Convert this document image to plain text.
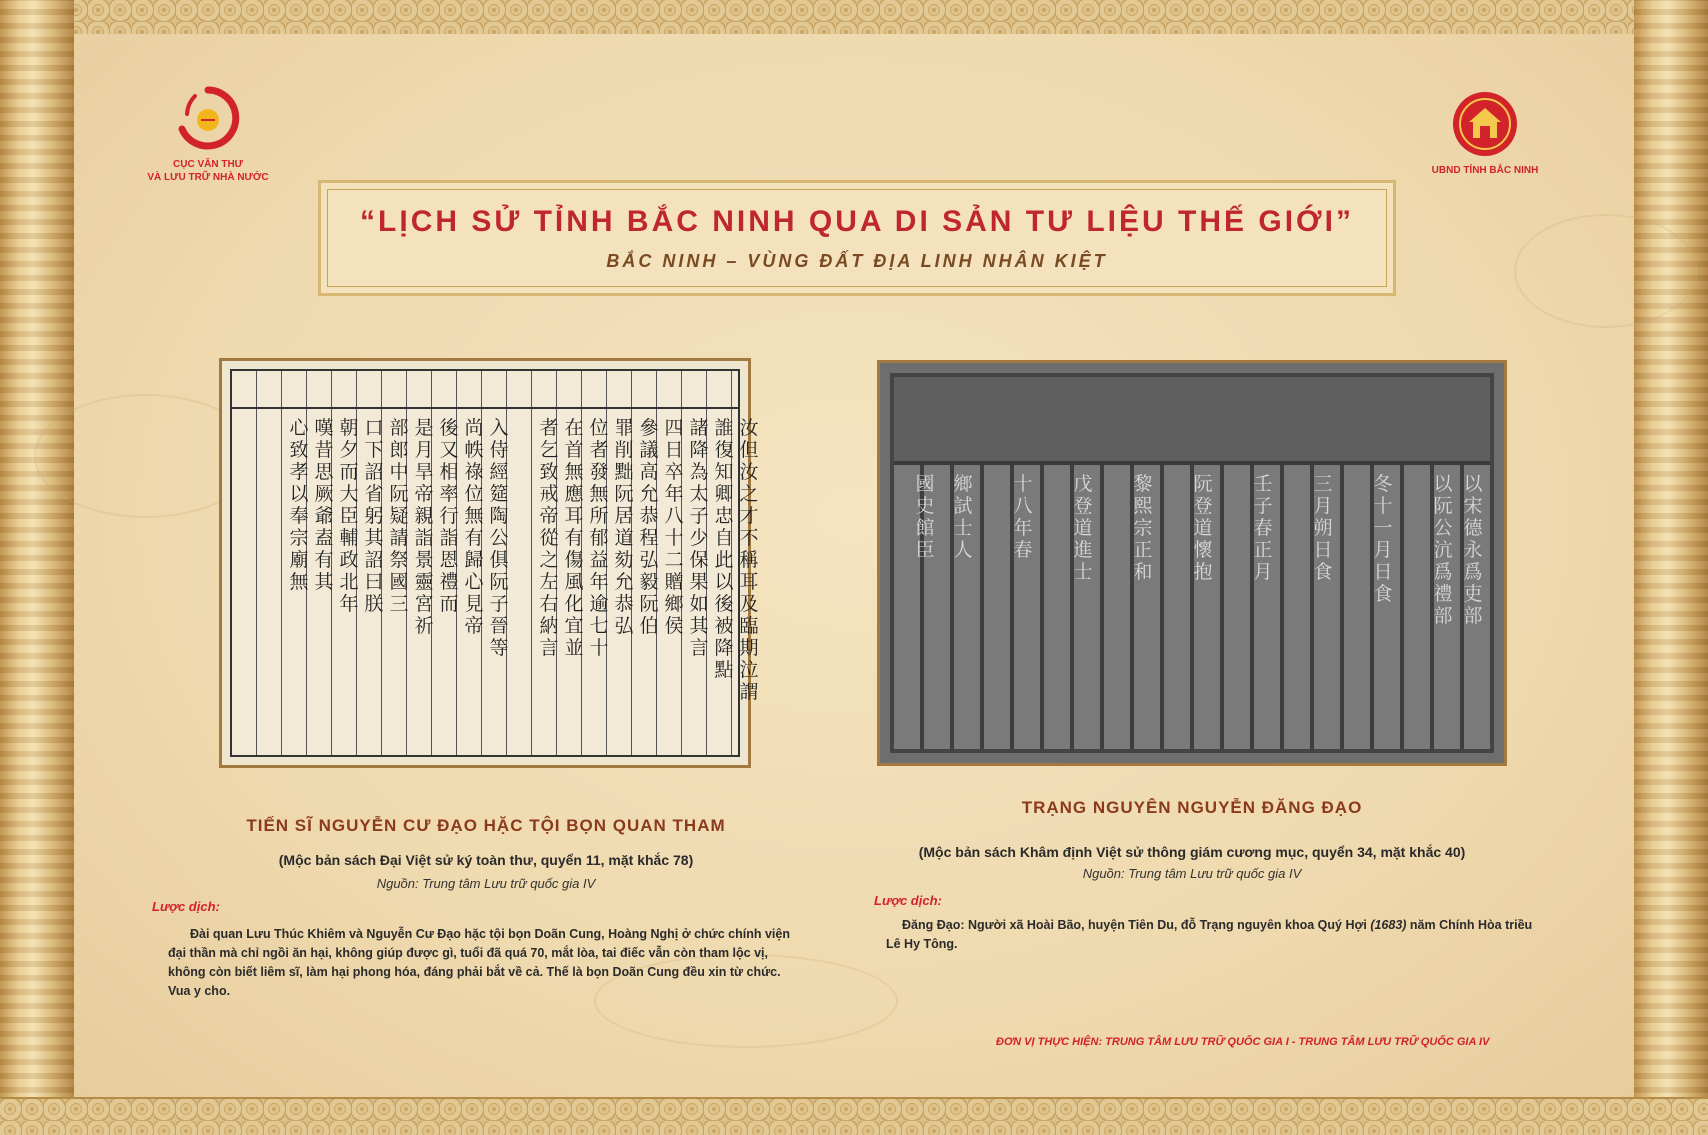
CỤC VĂN THƯ
VÀ LƯU TRỮ NHÀ NƯỚC
UBND TỈNH BẮC NINH
“LỊCH SỬ TỈNH BẮC NINH QUA DI SẢN TƯ LIỆU THẾ GIỚI”
BẮC NINH – VÙNG ĐẤT ĐỊA LINH NHÂN KIỆT
汝但汝之才不稱耳及臨期泣謂
誰復知卿忠自此以後被降點
諸降為太子少保果如其言
四日卒年八十二贈鄉侯
參議高允恭程弘毅阮伯
罪削黜阮居道劾允恭弘
位者發無所郁益年逾七十
在首無應耳有傷風化宜並
者乞致戒帝從之左右納言
入侍經筵陶公俱阮子晉等
尚帙祿位無有歸心見帝
後又相率行詣恩禮而
是月旱帝親詣景靈宮祈
部郎中阮疑請祭國三
口下詔省躬其詔曰朕
朝夕而大臣輔政北年
嘆昔思厥爺盍有其
心致孝以奉宗廟無
以宋德永爲吏部
以阮公沆爲禮部
冬十一月日食
三月朔日食
壬子春正月
阮登道懷抱
黎熙宗正和
戊登道進士
十八年春
鄉試士人
國史館臣
TIẾN SĨ NGUYỄN CƯ ĐẠO HẶC TỘI BỌN QUAN THAM
(Mộc bản sách Đại Việt sử ký toàn thư, quyển 11, mặt khắc 78)
Nguồn: Trung tâm Lưu trữ quốc gia IV
Lược dịch:
Đài quan Lưu Thúc Khiêm và Nguyễn Cư Đạo hặc tội bọn Doãn Cung, Hoàng Nghị ở chức chính viện đại thần mà chỉ ngồi ăn hại, không giúp được gì, tuổi đã quá 70, mắt lòa, tai điếc vẫn còn tham lộc vị, không còn biết liêm sĩ, làm hại phong hóa, đáng phải bắt về cả. Thế là bọn Doãn Cung đều xin từ chức. Vua y cho.
TRẠNG NGUYÊN NGUYỄN ĐĂNG ĐẠO
(Mộc bản sách Khâm định Việt sử thông giám cương mục, quyển 34, mặt khắc 40)
Nguồn: Trung tâm Lưu trữ quốc gia IV
Lược dịch:
Đăng Đạo: Người xã Hoài Bão, huyện Tiên Du, đỗ Trạng nguyên khoa Quý Hợi (1683) năm Chính Hòa triều Lê Hy Tông.
ĐƠN VỊ THỰC HIỆN: TRUNG TÂM LƯU TRỮ QUỐC GIA I - TRUNG TÂM LƯU TRỮ QUỐC GIA IV
